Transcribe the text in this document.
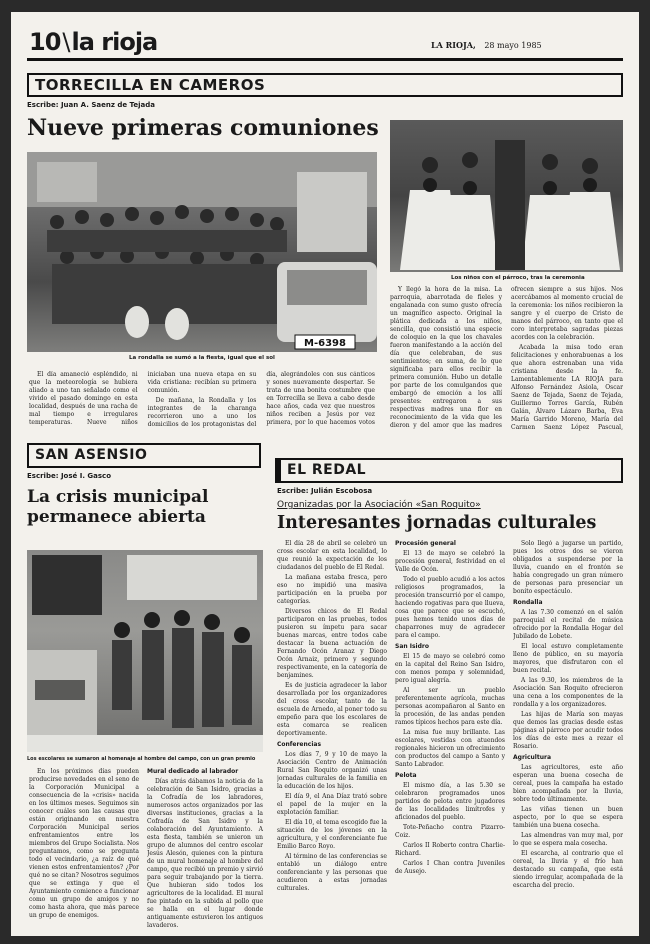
10\la rioja	LA RIOJA, 28 mayo 1985
TORRECILLA EN CAMEROS
Escribe: Juan A. Saenz de Tejada
Nueve primeras comuniones
M-6398
La rondalla se sumó a la fiesta, igual que el sol
Los niños con el párroco, tras la ceremonia

El día amaneció espléndido, ni que la meteorología se hubiera aliado a uno tan señalado como el vivido el pasado domingo en esta localidad, después de una racha de mal tiempo e irregulares temperaturas. Nueve niños iniciaban una nueva etapa en su vida cristiana: recibían su primera comunión.

De mañana, la Rondalla y los integrantes de la charanga recorrieron uno a uno los domicilios de los protagonistas del día, alegrándoles con sus cánticos y sones nuevamente despertar. Se trata de una bonita costumbre que en Torrecilla se lleva a cabo desde hace años, cada vez que nuestros niños reciben a Jesús por vez primera, por lo que hacemos votos

Y llegó la hora de la misa. La parroquia, abarrotada de fieles y engalanada con sumo gusto ofrecía un magnífico aspecto. Original la plática dedicada a los niños, sencilla, que consistió una especie de coloquio en la que los chavales fueron manifestando a la acción del día que celebraban, de sus sentimientos; en suma, de lo que significaba para ellos recibir la primera comunión. Hubo un detalle por parte de los comulgandos que embargó de emoción a los allí presentes: entregaron a sus respectivas madres una flor en reconocimiento de la vida que les dieron y del amor que las madres ofrecen siempre a sus hijos. Nos acercábamos al momento crucial de la ceremonia: los niños recibieron la sangre y el cuerpo de Cristo de manos del párroco, en tanto que el coro interpretaba sagradas piezas acordes con la celebración.

Acabada la misa todo eran felicitaciones y enhorabuenas a los que ahora estrenaban una vida cristiana desde la fe. Lamentablemente LA RIOJA para Alfonso Fernández Asiola, Oscar Saenz de Tejada, Saenz de Tejada, Guillermo Torres García, Rubén Galán, Álvaro Lázaro Barba, Eva María Garrido Moreno, María del Carmen Saenz López Pascual,

SAN ASENSIO
Escribe: José I. Gasco
La crisis municipal permanece abierta
Los escolares se sumaron al homenaje al hombre del campo, con un gran premio

En los próximos días pueden producirse novedades en el seno de la Corporación Municipal a consecuencia de la «crisis» nacida en los últimos meses. Seguimos sin conocer cuáles son las causas que están originando en nuestra Corporación Municipal serios enfrentamientos entre los miembros del Grupo Socialista. Nos preguntamos, como se pregunta todo el vecindario, ¿a raíz de qué vienen estos enfrentamientos? ¿Por qué no se citan? Nosotros seguimos que se extinga y que el Ayuntamiento comience a funcionar como un grupo de amigos y no como hasta ahora, que más parece un grupo de enemigos.

Mural dedicado al labrador

Días atrás dábamos la noticia de la celebración de San Isidro, gracias a la Cofradía de los labradores, numerosos actos organizados por las diversas instituciones, gracias a la Cofradía de San Isidro y la colaboración del Ayuntamiento. A esta fiesta, también se unieron un grupo de alumnos del centro escolar Jesús Alesón, quienes con la pintura de un mural homenaje al hombre del campo, que recibió un premio y sirvió para seguir trabajando por la tierra. Que hubieran sido todos los agricultores de la localidad. El mural fue pintado en la subida al pollo que se halla en el lugar donde antiguamente estuvieron los antiguos lavaderos.

EL REDAL
Escribe: Julián Escobosa
Organizadas por la Asociación «San Roquito»
Interesantes jornadas culturales

El día 28 de abril se celebró un cross escolar en esta localidad, lo que reunió la expectación de los ciudadanos del pueblo de El Redal.

La mañana estaba fresca, pero eso no impidió una masiva participación en la prueba por categorías.

Diversos chicos de El Redal participaron en las pruebas, todos pusieron su ímpetu para sacar buenas marcas, entre todos cabe destacar la buena actuación de Fernando Ocón Aranaz y Diego Ocón Arnaiz, primero y segundo respectivamente, en la categoría de benjamines.

Es de justicia agradecer la labor desarrollada por los organizadores del cross escolar, tanto de la escuela de Arnedo, al poner todo su empeño para que los escolares de esta comarca se realicen deportivamente.

Conferencias

Los días 7, 9 y 10 de mayo la Asociación Centro de Animación Rural San Roquito organizó unas jornadas culturales de la familia en la educación de los hijos.

El día 9, el Ana Díaz trató sobre el papel de la mujer en la explotación familiar.

El día 10, el tema escogido fue la situación de los jóvenes en la agricultura, y el conferenciante fue Emilio Barco Royo.

Al término de las conferencias se entabló un diálogo entre conferenciante y las personas que acudieron a estas jornadas culturales.

Procesión general

El 13 de mayo se celebró la procesión general, festividad en el Valle de Ocón.

Todo el pueblo acudió a los actos religiosos programados, la procesión transcurrió por el campo, haciendo rogativas para que llueva, cosa que parece que se escuchó, pues hemos tenido unos días de chaparrones muy de agradecer para el campo.

San Isidro

El 15 de mayo se celebró como en la capital del Reino San Isidro, con menos pompa y solemnidad, pero igual alegría.

Al ser un pueblo preferentemente agrícola, muchas personas acompañaron al Santo en la procesión, de las andas penden ramos típicos hechos para este día.

La misa fue muy brillante. Las escolares, vestidas con atuendos regionales hicieron un ofrecimiento con productos del campo a Santo y Santo Labrador.

Pelota

El mismo día, a las 5.30 se celebraron programados unos partidos de pelota entre jugadores de las localidades limítrofes y aficionados del pueblo.

Tote-Peñacho contra Pizarro-Coiz.

Carlos II Roberto contra Charlie-Richard.

Carlos I Chan contra Juveniles de Ausejo.

Solo llegó a jugarse un partido, pues los otros dos se vieron obligados a suspenderse por la lluvia, cuando en el frontón se había congregado un gran número de personas para presenciar un bonito espectáculo.

Rondalla

A las 7.30 comenzó en el salón parroquial el recital de música ofrecido por la Rondalla Hogar del Jubilado de Lobete.

El local estuvo completamente lleno de público, en su mayoría mayores, que disfrutaron con el buen recital.

A las 9.30, los miembros de la Asociación San Roquito ofrecieron una cena a los componentes de la rondalla y a los organizadores.

Las hijas de María son mayas que demos las gracias desde estas páginas al párroco por acudir todos los días de este mes a rezar el Rosario.

Agricultura

Las agricultores, este año esperan una buena cosecha de cereal, pues la campaña ha estado bien acompañada por la lluvia, sobre todo últimamente.

Las viñas tienen un buen aspecto, por lo que se espera también una buena cosecha.

Las almendras van muy mal, por lo que se espera mala cosecha.

El escarcha, al contrario que el cereal, la lluvia y el frío han destacado su campaña, que está siendo irregular, acompañada de la escarcha del precio.
